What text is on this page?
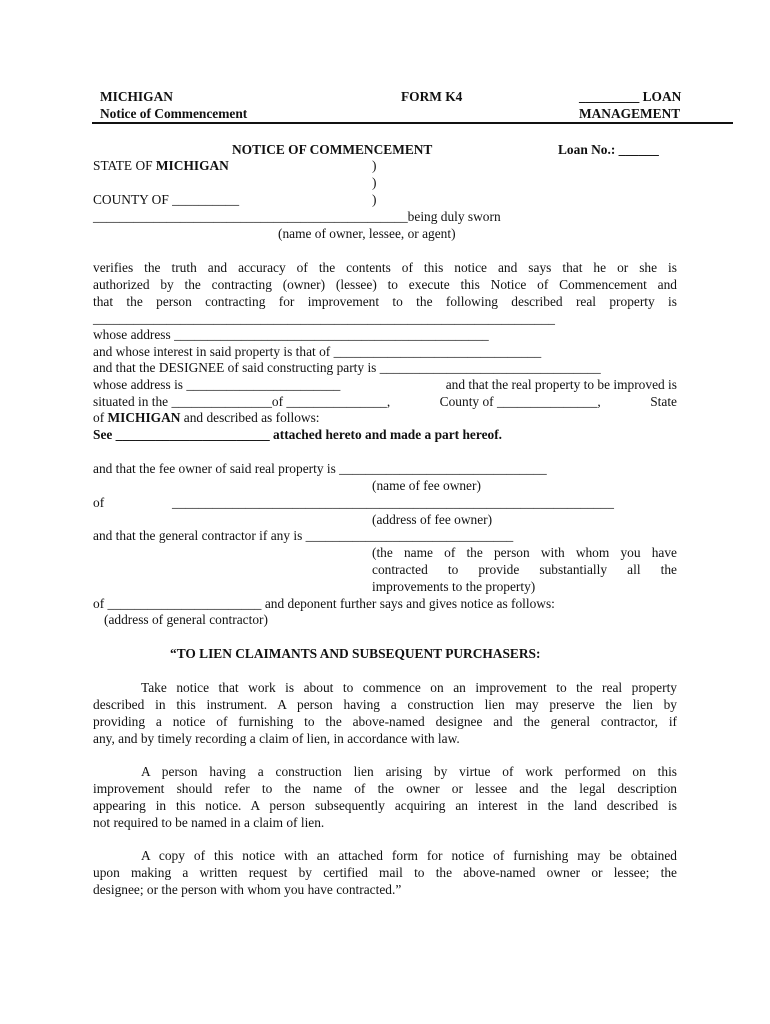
MICHIGAN
Notice of Commencement
FORM K4	_________ LOAN
MANAGEMENT
NOTICE OF COMMENCEMENT	Loan No.: ______
STATE OF MICHIGAN	)
)
COUNTY OF __________	)
_______________________________________________being duly sworn
(name of owner, lessee, or agent)
verifies the truth and accuracy of the contents of this notice and says that he or she is
authorized by the contracting (owner) (lessee) to execute this Notice of Commencement and
that the person contracting for improvement to the following described real property is
_____________________________________________________________________
whose address _______________________________________________
and whose interest in said property is that of _______________________________
and that the DESIGNEE of said constructing party is _________________________________
whose address is _______________________	and that the real property to be improved is
situated in the _______________of _______________,	County of _______________,	State
of MICHIGAN and described as follows:
See _______________________ attached hereto and made a part hereof.
and that the fee owner of said real property is _______________________________
(name of fee owner)
of	__________________________________________________________________
(address of fee owner)
and that the general contractor if any is _______________________________
(the name of the person with whom you have
contracted to provide substantially all the
improvements to the property)
of _______________________ and deponent further says and gives notice as follows:
(address of general contractor)
“TO LIEN CLAIMANTS AND SUBSEQUENT PURCHASERS:
Take notice that work is about to commence on an improvement to the real property
described in this instrument. A person having a construction lien may preserve the lien by
providing a notice of furnishing to the above-named designee and the general contractor, if
any, and by timely recording a claim of lien, in accordance with law.
A person having a construction lien arising by virtue of work performed on this
improvement should refer to the name of the owner or lessee and the legal description
appearing in this notice. A person subsequently acquiring an interest in the land described is
not required to be named in a claim of lien.
A copy of this notice with an attached form for notice of furnishing may be obtained
upon making a written request by certified mail to the above-named owner or lessee; the
designee; or the person with whom you have contracted.”
